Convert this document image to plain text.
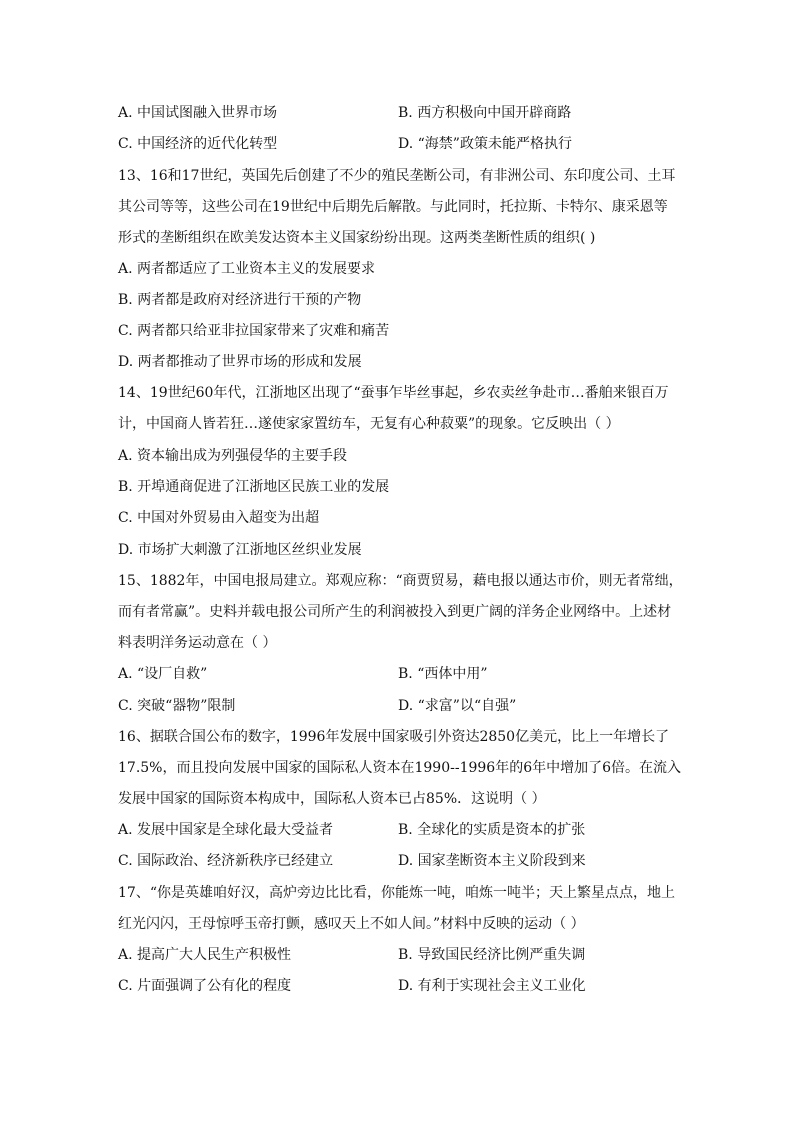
A. 中国试图融入世界市场	B. 西方积极向中国开辟商路
C. 中国经济的近代化转型	D. “海禁”政策未能严格执行
13、16和17世纪，英国先后创建了不少的殖民垄断公司，有非洲公司、东印度公司、土耳
其公司等等，这些公司在19世纪中后期先后解散。与此同时，托拉斯、卡特尔、康采恩等
形式的垄断组织在欧美发达资本主义国家纷纷出现。这两类垄断性质的组织( )
A. 两者都适应了工业资本主义的发展要求
B. 两者都是政府对经济进行干预的产物
C. 两者都只给亚非拉国家带来了灾难和痛苦
D. 两者都推动了世界市场的形成和发展
14、19世纪60年代，江浙地区出现了“蚕事乍毕丝事起，乡农卖丝争赴市…番舶来银百万
计，中国商人皆若狂…遂使家家置纺车，无复有心种菽粟”的现象。它反映出（ ）
A. 资本输出成为列强侵华的主要手段
B. 开埠通商促进了江浙地区民族工业的发展
C. 中国对外贸易由入超变为出超
D. 市场扩大刺激了江浙地区丝织业发展
15、1882年，中国电报局建立。郑观应称：“商贾贸易，藉电报以通达市价，则无者常绌，
而有者常赢”。史料并载电报公司所产生的利润被投入到更广阔的洋务企业网络中。上述材
料表明洋务运动意在（ ）
A. “设厂自救”	B. “西体中用”
C. 突破“器物”限制	D. “求富”以“自强”
16、据联合国公布的数字，1996年发展中国家吸引外资达2850亿美元，比上一年增长了
17.5%，而且投向发展中国家的国际私人资本在1990--1996年的6年中增加了6倍。在流入
发展中国家的国际资本构成中，国际私人资本已占85%．这说明（ ）
A. 发展中国家是全球化最大受益者	B. 全球化的实质是资本的扩张
C. 国际政治、经济新秩序已经建立	D. 国家垄断资本主义阶段到来
17、“你是英雄咱好汉，高炉旁边比比看，你能炼一吨，咱炼一吨半；天上繁星点点，地上
红光闪闪，王母惊呼玉帝打颤，感叹天上不如人间。”材料中反映的运动（ ）
A. 提高广大人民生产积极性	B. 导致国民经济比例严重失调
C. 片面强调了公有化的程度	D. 有利于实现社会主义工业化
